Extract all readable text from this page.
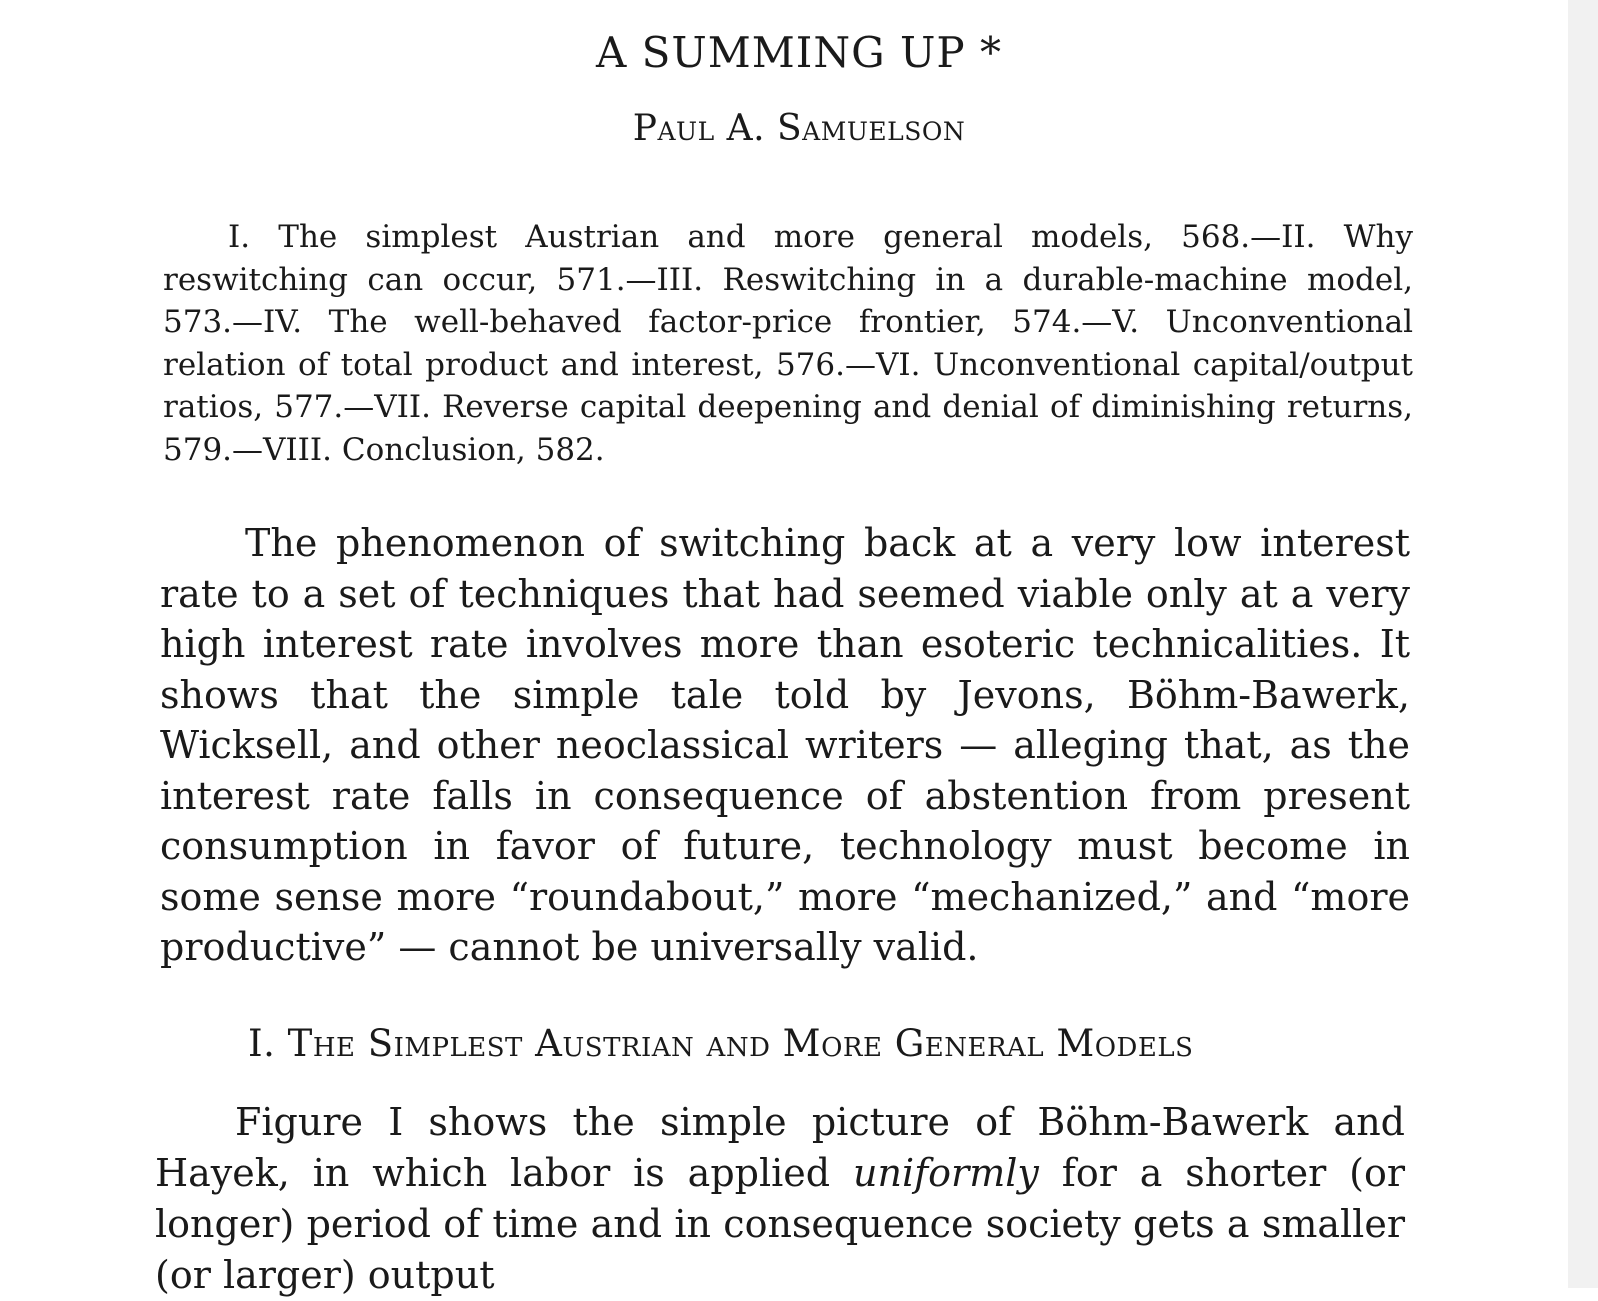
A SUMMING UP *
Paul A. Samuelson

I. The simplest Austrian and more general models, 568.—II. Why reswitching can occur, 571.—III. Reswitching in a durable-machine model, 573.—IV. The well-behaved factor-price frontier, 574.—V. Unconventional relation of total product and interest, 576.—VI. Unconventional capital/output ratios, 577.—VII. Reverse capital deepening and denial of diminishing returns, 579.—VIII. Conclusion, 582.

The phenomenon of switching back at a very low interest rate to a set of techniques that had seemed viable only at a very high interest rate involves more than esoteric technicalities. It shows that the simple tale told by Jevons, Böhm-Bawerk, Wicksell, and other neoclassical writers — alleging that, as the interest rate falls in consequence of abstention from present consumption in favor of future, technology must become in some sense more “roundabout,” more “mechanized,” and “more productive” — cannot be universally valid.

I. The Simplest Austrian and More General Models

Figure I shows the simple picture of Böhm-Bawerk and Hayek, in which labor is applied uniformly for a shorter (or longer) period of time and in consequence society gets a smaller (or larger) output
